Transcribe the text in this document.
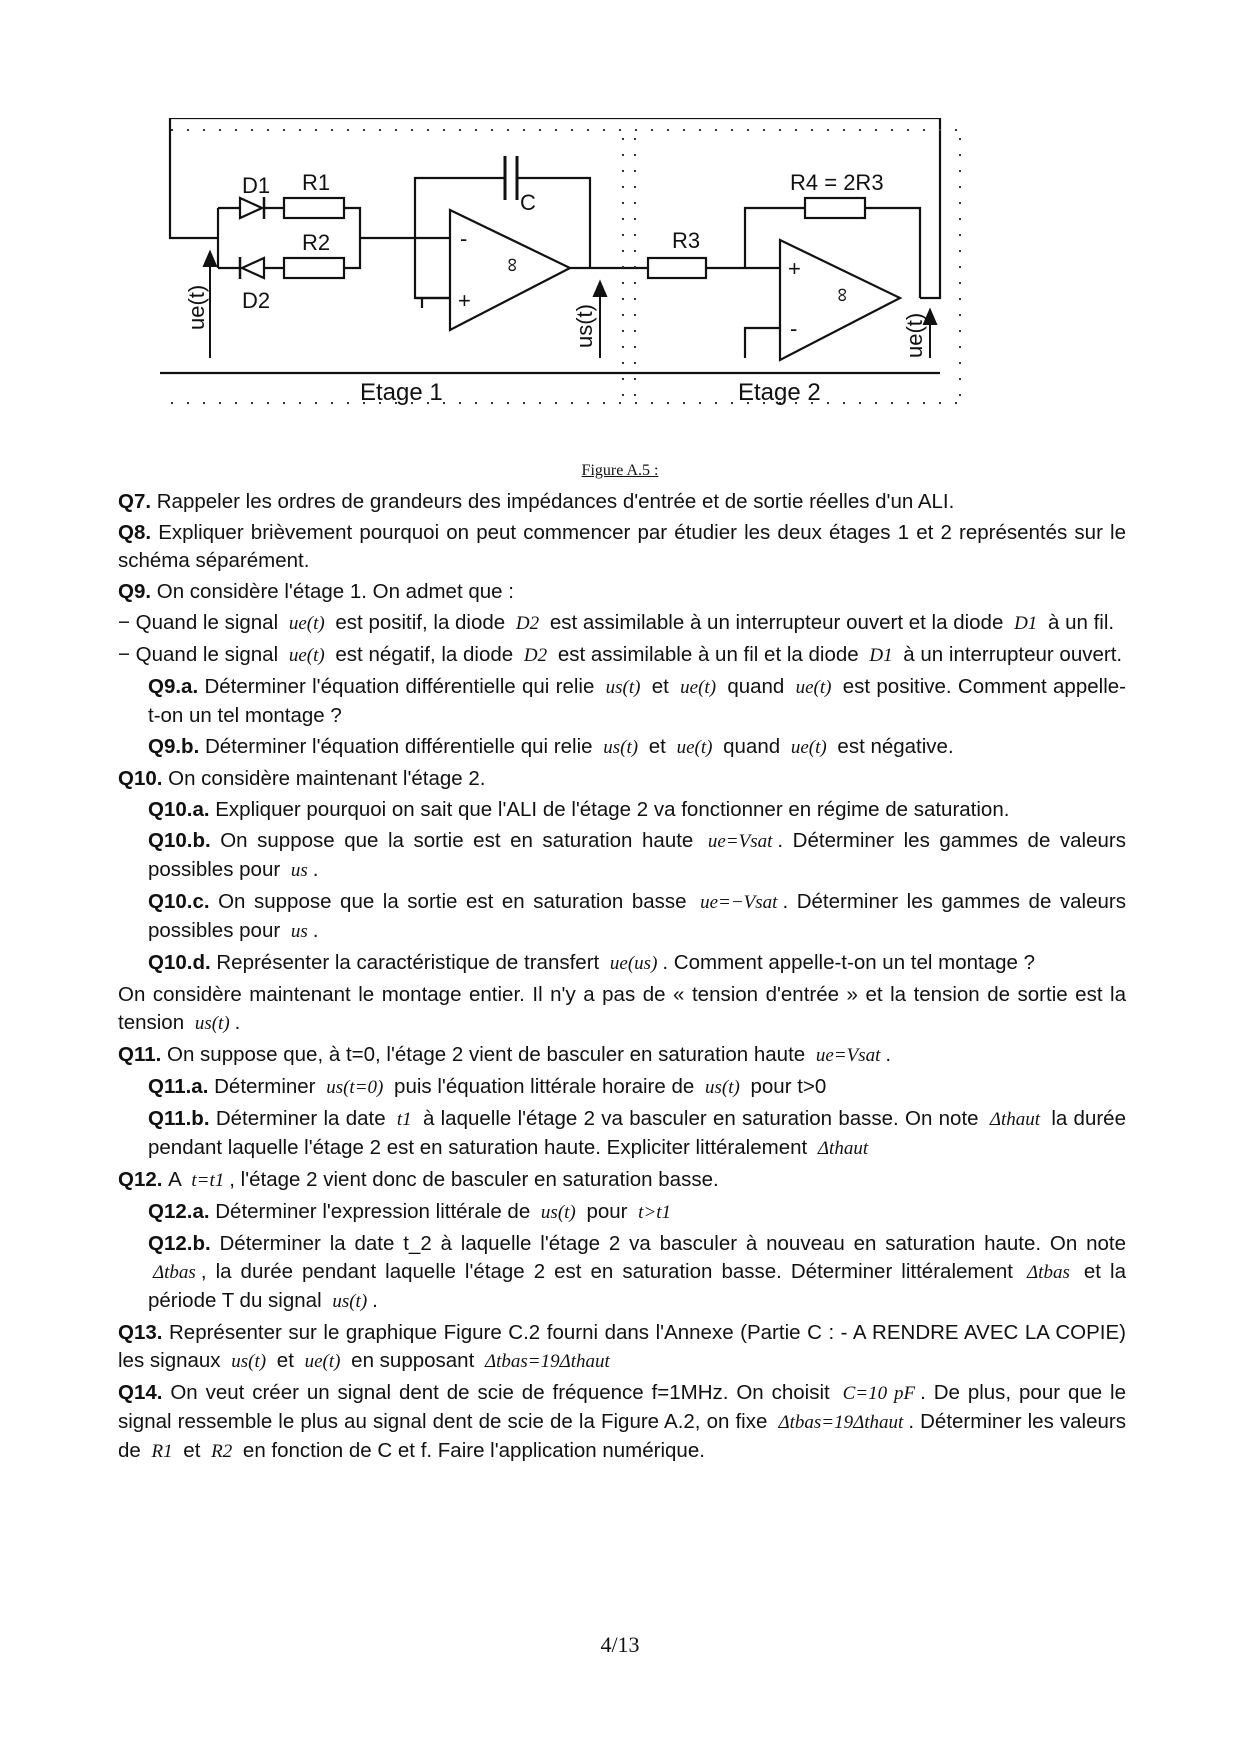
D1
D2
R1
R2
C
R3
R4 = 2R3
-
+
∞	+
-
∞
ue(t)	us(t)	ue(t)
Etage 1	Etage 2
Figure A.5 :
Q7. Rappeler les ordres de grandeurs des impédances d'entrée et de sortie réelles d'un ALI.
Q8. Expliquer brièvement pourquoi on peut commencer par étudier les deux étages 1 et 2 représentés sur le schéma séparément.
Q9. On considère l'étage 1. On admet que :
− Quand le signal ue(t) est positif, la diode D2 est assimilable à un interrupteur ouvert et la diode D1 à un fil.
− Quand le signal ue(t) est négatif, la diode D2 est assimilable à un fil et la diode D1 à un interrupteur ouvert.
Q9.a. Déterminer l'équation différentielle qui relie us(t) et ue(t) quand ue(t) est positive. Comment appelle-t-on un tel montage ?
Q9.b. Déterminer l'équation différentielle qui relie us(t) et ue(t) quand ue(t) est négative.
Q10. On considère maintenant l'étage 2.
Q10.a. Expliquer pourquoi on sait que l'ALI de l'étage 2 va fonctionner en régime de saturation.
Q10.b. On suppose que la sortie est en saturation haute ue=Vsat . Déterminer les gammes de valeurs possibles pour us .
Q10.c. On suppose que la sortie est en saturation basse ue=−Vsat . Déterminer les gammes de valeurs possibles pour us .
Q10.d. Représenter la caractéristique de transfert ue(us) . Comment appelle-t-on un tel montage ?
On considère maintenant le montage entier. Il n'y a pas de « tension d'entrée » et la tension de sortie est la tension us(t) .
Q11. On suppose que, à t=0, l'étage 2 vient de basculer en saturation haute ue=Vsat .
Q11.a. Déterminer us(t=0) puis l'équation littérale horaire de us(t) pour t>0
Q11.b. Déterminer la date t1 à laquelle l'étage 2 va basculer en saturation basse. On note Δthaut la durée pendant laquelle l'étage 2 est en saturation haute. Expliciter littéralement Δthaut
Q12. A t=t1 , l'étage 2 vient donc de basculer en saturation basse.
Q12.a. Déterminer l'expression littérale de us(t) pour t>t1
Q12.b. Déterminer la date t_2 à laquelle l'étage 2 va basculer à nouveau en saturation haute. On note Δtbas , la durée pendant laquelle l'étage 2 est en saturation basse. Déterminer littéralement Δtbas et la période T du signal us(t) .
Q13. Représenter sur le graphique Figure C.2 fourni dans l'Annexe (Partie C : - A RENDRE AVEC LA COPIE) les signaux us(t) et ue(t) en supposant Δtbas=19Δthaut
Q14. On veut créer un signal dent de scie de fréquence f=1MHz. On choisit C=10 pF . De plus, pour que le signal ressemble le plus au signal dent de scie de la Figure A.2, on fixe Δtbas=19Δthaut . Déterminer les valeurs de R1 et R2 en fonction de C et f. Faire l'application numérique.
4/13
